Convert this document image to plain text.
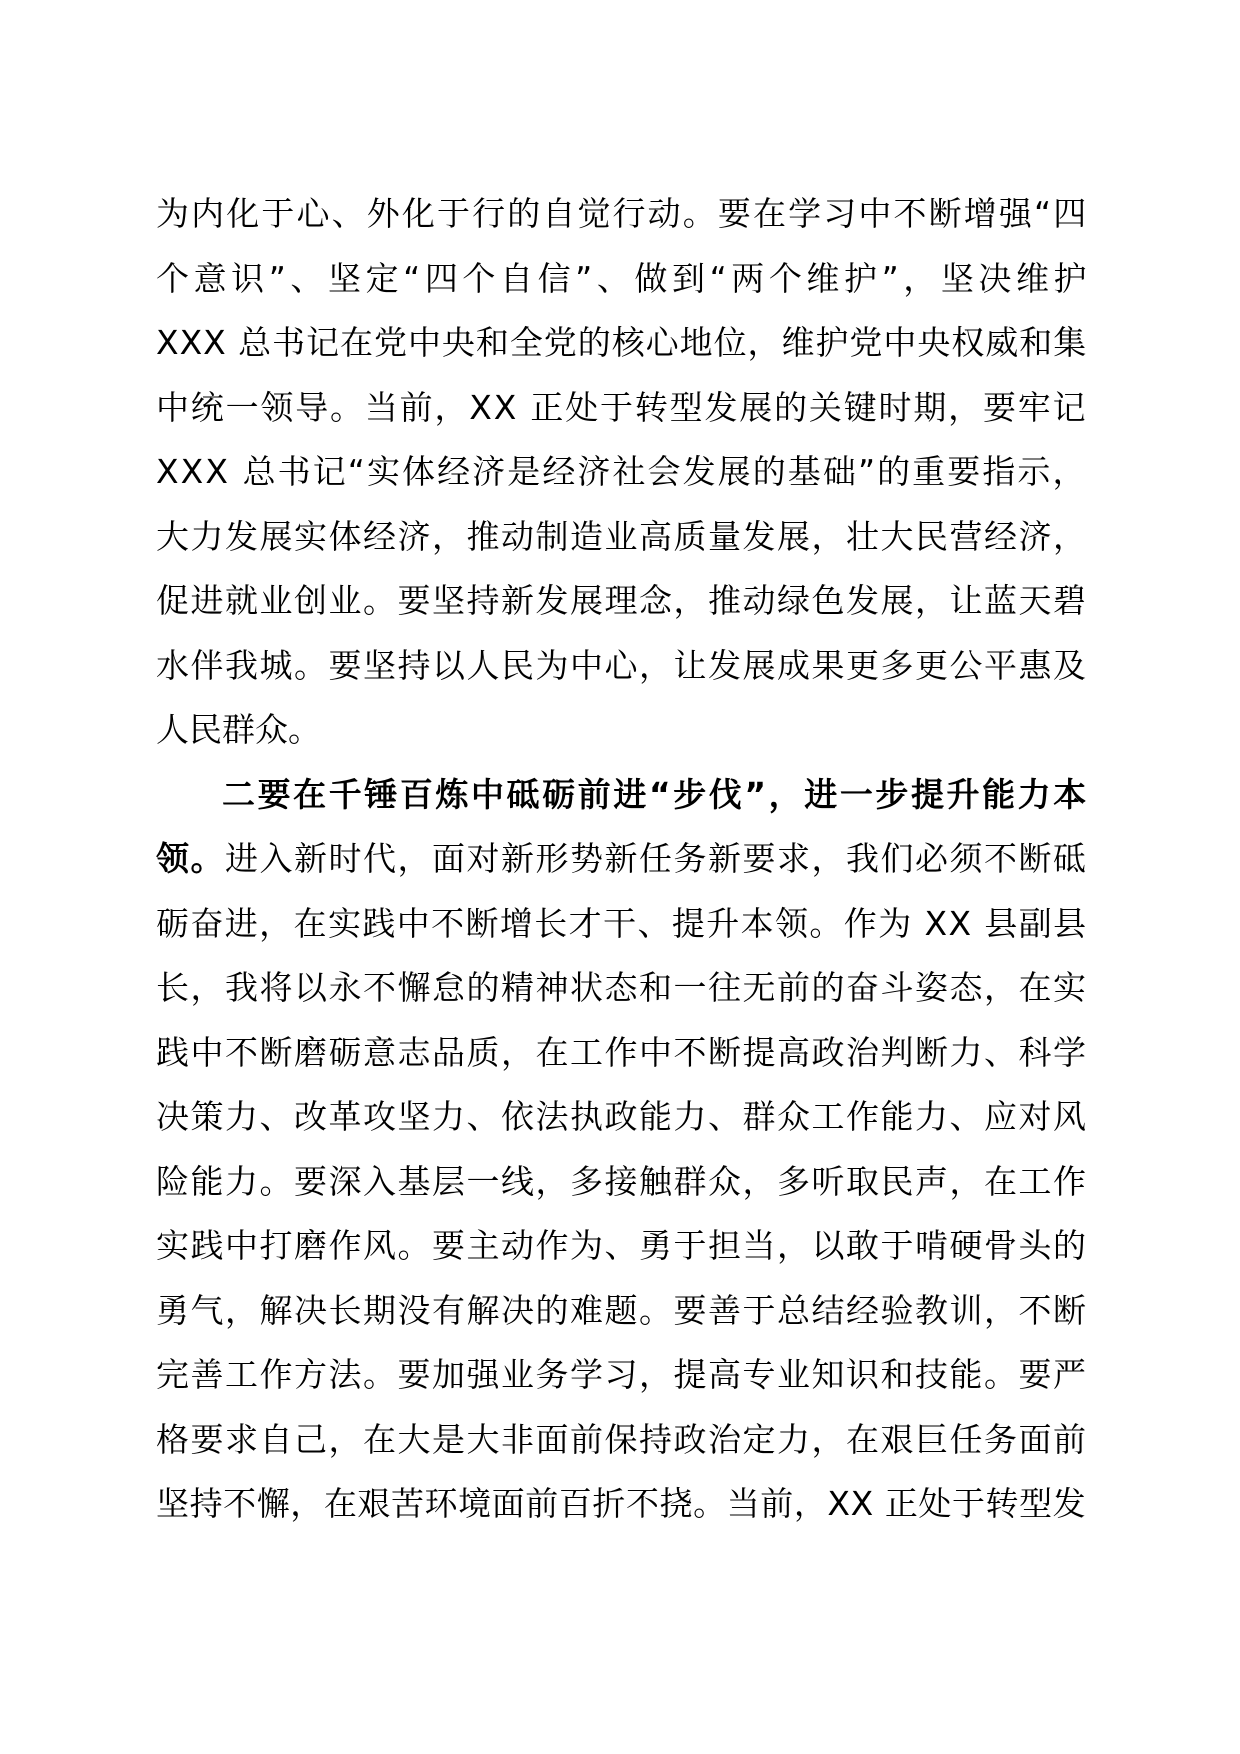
为内化于心、外化于行的自觉行动。要在学习中不断增强“四
个意识”、坚定“四个自信”、做到“两个维护”，坚决维护
XXX 总书记在党中央和全党的核心地位，维护党中央权威和集
中统一领导。当前，XX 正处于转型发展的关键时期，要牢记
XXX 总书记“实体经济是经济社会发展的基础”的重要指示，
大力发展实体经济，推动制造业高质量发展，壮大民营经济，
促进就业创业。要坚持新发展理念，推动绿色发展，让蓝天碧
水伴我城。要坚持以人民为中心，让发展成果更多更公平惠及
人民群众。
二要在千锤百炼中砥砺前进“步伐”，进一步提升能力本
领。进入新时代，面对新形势新任务新要求，我们必须不断砥
砺奋进，在实践中不断增长才干、提升本领。作为 XX 县副县
长，我将以永不懈怠的精神状态和一往无前的奋斗姿态，在实
践中不断磨砺意志品质，在工作中不断提高政治判断力、科学
决策力、改革攻坚力、依法执政能力、群众工作能力、应对风
险能力。要深入基层一线，多接触群众，多听取民声，在工作
实践中打磨作风。要主动作为、勇于担当，以敢于啃硬骨头的
勇气，解决长期没有解决的难题。要善于总结经验教训，不断
完善工作方法。要加强业务学习，提高专业知识和技能。要严
格要求自己，在大是大非面前保持政治定力，在艰巨任务面前
坚持不懈，在艰苦环境面前百折不挠。当前，XX 正处于转型发
